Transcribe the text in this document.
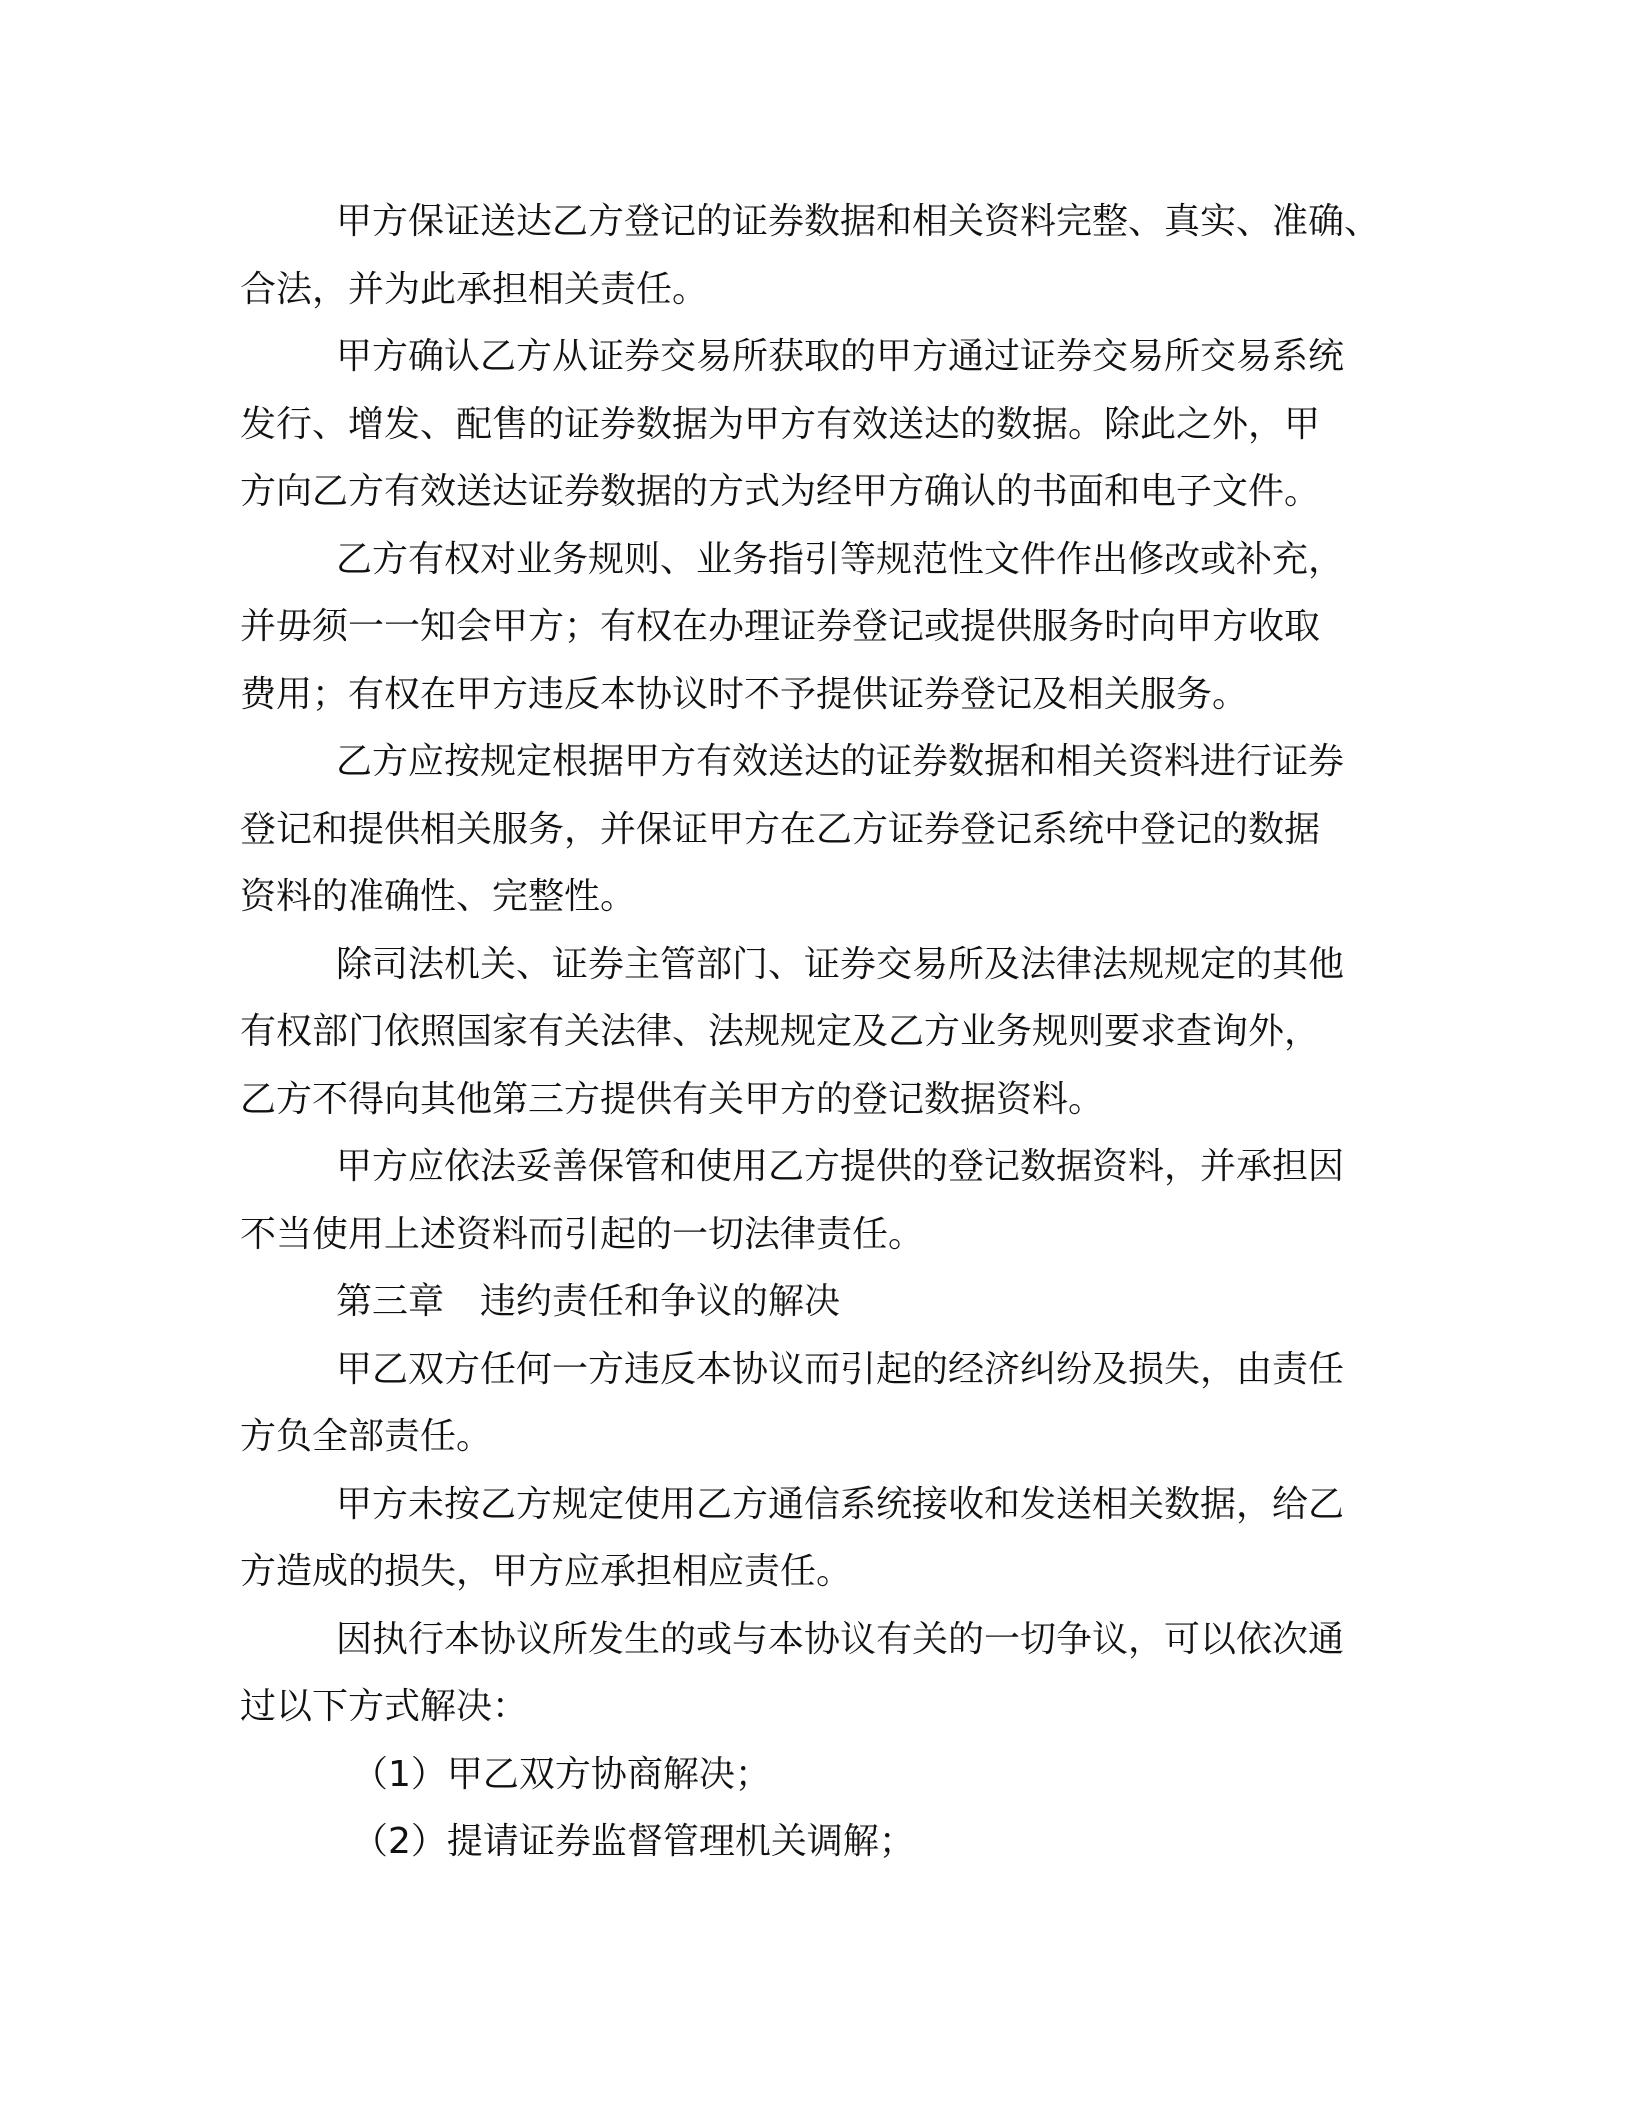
甲方保证送达乙方登记的证券数据和相关资料完整、真实、准确、
合法，并为此承担相关责任。
甲方确认乙方从证券交易所获取的甲方通过证券交易所交易系统
发行、增发、配售的证券数据为甲方有效送达的数据。除此之外，甲
方向乙方有效送达证券数据的方式为经甲方确认的书面和电子文件。
乙方有权对业务规则、业务指引等规范性文件作出修改或补充，
并毋须一一知会甲方；有权在办理证券登记或提供服务时向甲方收取
费用；有权在甲方违反本协议时不予提供证券登记及相关服务。
乙方应按规定根据甲方有效送达的证券数据和相关资料进行证券
登记和提供相关服务，并保证甲方在乙方证券登记系统中登记的数据
资料的准确性、完整性。
除司法机关、证券主管部门、证券交易所及法律法规规定的其他
有权部门依照国家有关法律、法规规定及乙方业务规则要求查询外，
乙方不得向其他第三方提供有关甲方的登记数据资料。
甲方应依法妥善保管和使用乙方提供的登记数据资料，并承担因
不当使用上述资料而引起的一切法律责任。
第三章　违约责任和争议的解决
甲乙双方任何一方违反本协议而引起的经济纠纷及损失，由责任
方负全部责任。
甲方未按乙方规定使用乙方通信系统接收和发送相关数据，给乙
方造成的损失，甲方应承担相应责任。
因执行本协议所发生的或与本协议有关的一切争议，可以依次通
过以下方式解决：
（1）甲乙双方协商解决；
（2）提请证券监督管理机关调解；
